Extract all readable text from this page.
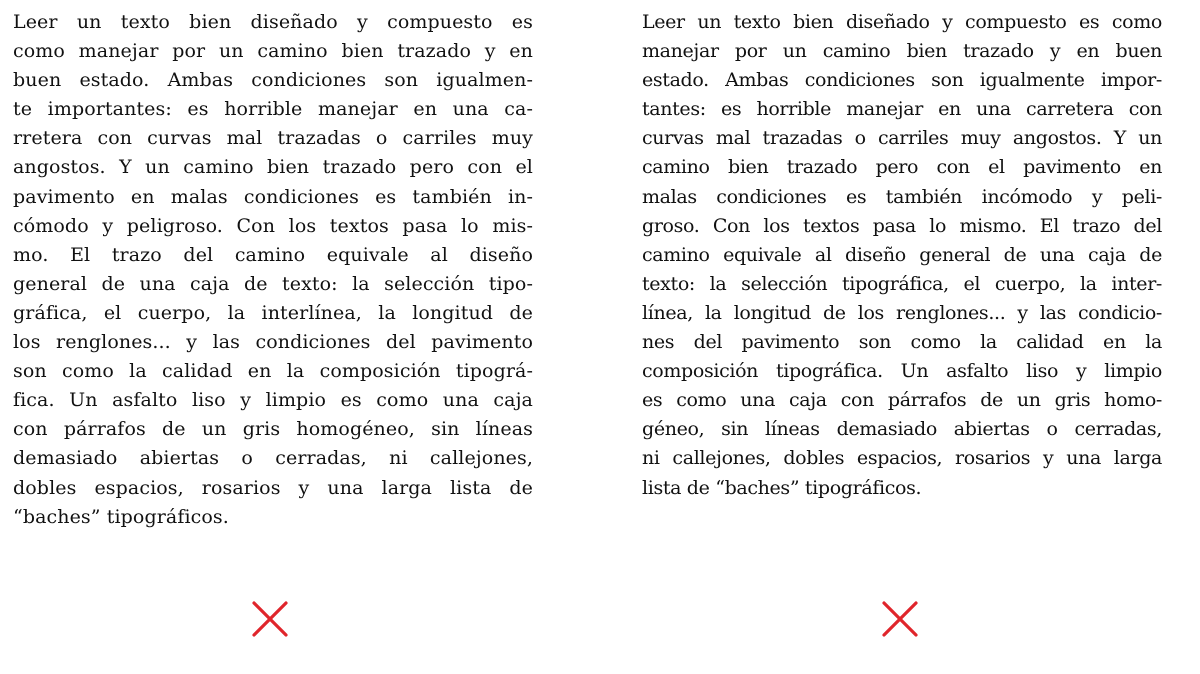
Leer un texto bien diseñado y compuesto es
como manejar por un camino bien trazado y en
buen estado. Ambas condiciones son igualmen-
te importantes: es horrible manejar en una ca-
rretera con curvas mal trazadas o carriles muy
angostos. Y un camino bien trazado pero con el
pavimento en malas condiciones es también in-
cómodo y peligroso. Con los textos pasa lo mis-
mo. El trazo del camino equivale al diseño
general de una caja de texto: la selección tipo-
gráfica, el cuerpo, la interlínea, la longitud de
los renglones... y las condiciones del pavimento
son como la calidad en la composición tipográ-
fica. Un asfalto liso y limpio es como una caja
con párrafos de un gris homogéneo, sin líneas
demasiado abiertas o cerradas, ni callejones,
dobles espacios, rosarios y una larga lista de
“baches” tipográficos.

Leer un texto bien diseñado y compuesto es como
manejar por un camino bien trazado y en buen
estado. Ambas condiciones son igualmente impor-
tantes: es horrible manejar en una carretera con
curvas mal trazadas o carriles muy angostos. Y un
camino bien trazado pero con el pavimento en
malas condiciones es también incómodo y peli-
groso. Con los textos pasa lo mismo. El trazo del
camino equivale al diseño general de una caja de
texto: la selección tipográfica, el cuerpo, la inter-
línea, la longitud de los renglones... y las condicio-
nes del pavimento son como la calidad en la
composición tipográfica. Un asfalto liso y limpio
es como una caja con párrafos de un gris homo-
géneo, sin líneas demasiado abiertas o cerradas,
ni callejones, dobles espacios, rosarios y una larga
lista de “baches” tipográficos.
